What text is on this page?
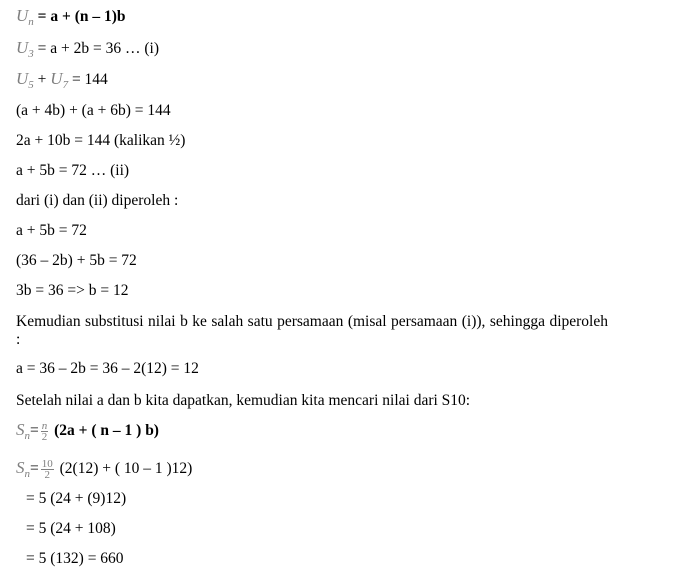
$U_n = a + (n - 1)b$
$U_3 = a + 2b = 36$ … (i)
$U_5 + U_7 = 144$
(a + 4b) + (a + 6b) = 144
2a + 10b = 144 (kalikan ½)
a + 5b = 72 … (ii)
dari (i) dan (ii) diperoleh :
a + 5b = 72
(36 – 2b) + 5b = 72
3b = 36 => b = 12
Kemudian substitusi nilai b ke salah satu persamaan (misal persamaan (i)), sehingga diperoleh :
a = 36 – 2b = 36 – 2(12) = 12
Setelah nilai a dan b kita dapatkan, kemudian kita mencari nilai dari S10:
$S_n= \frac{n}{2} (2a$ + ( n – 1 ) b)
$S_n= \frac{10}{2} (2(12)$ + ( 10 – 1 )12)
= 5 (24 + (9)12)
= 5 (24 + 108)
= 5 (132) = 660
